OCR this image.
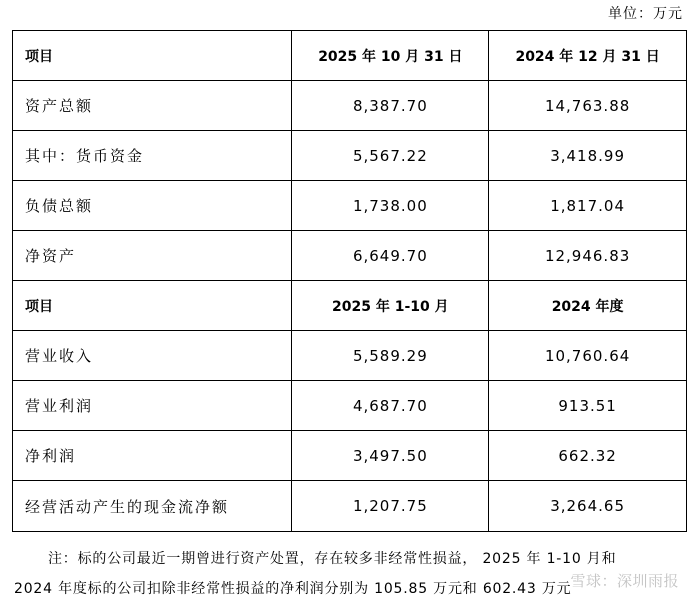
单位：万元
项目	2025 年 10 月 31 日	2024 年 12 月 31 日
资产总额	8,387.70	14,763.88
其中：货币资金	5,567.22	3,418.99
负债总额	1,738.00	1,817.04
净资产	6,649.70	12,946.83
项目	2025 年 1-10 月	2024 年度
营业收入	5,589.29	10,760.64
营业利润	4,687.70	913.51
净利润	3,497.50	662.32
经营活动产生的现金流净额	1,207.75	3,264.65
注：标的公司最近一期曾进行资产处置，存在较多非经常性损益， 2025 年 1-10 月和
2024 年度标的公司扣除非经常性损益的净利润分别为 105.85 万元和 602.43 万元 雪球：深圳雨报
